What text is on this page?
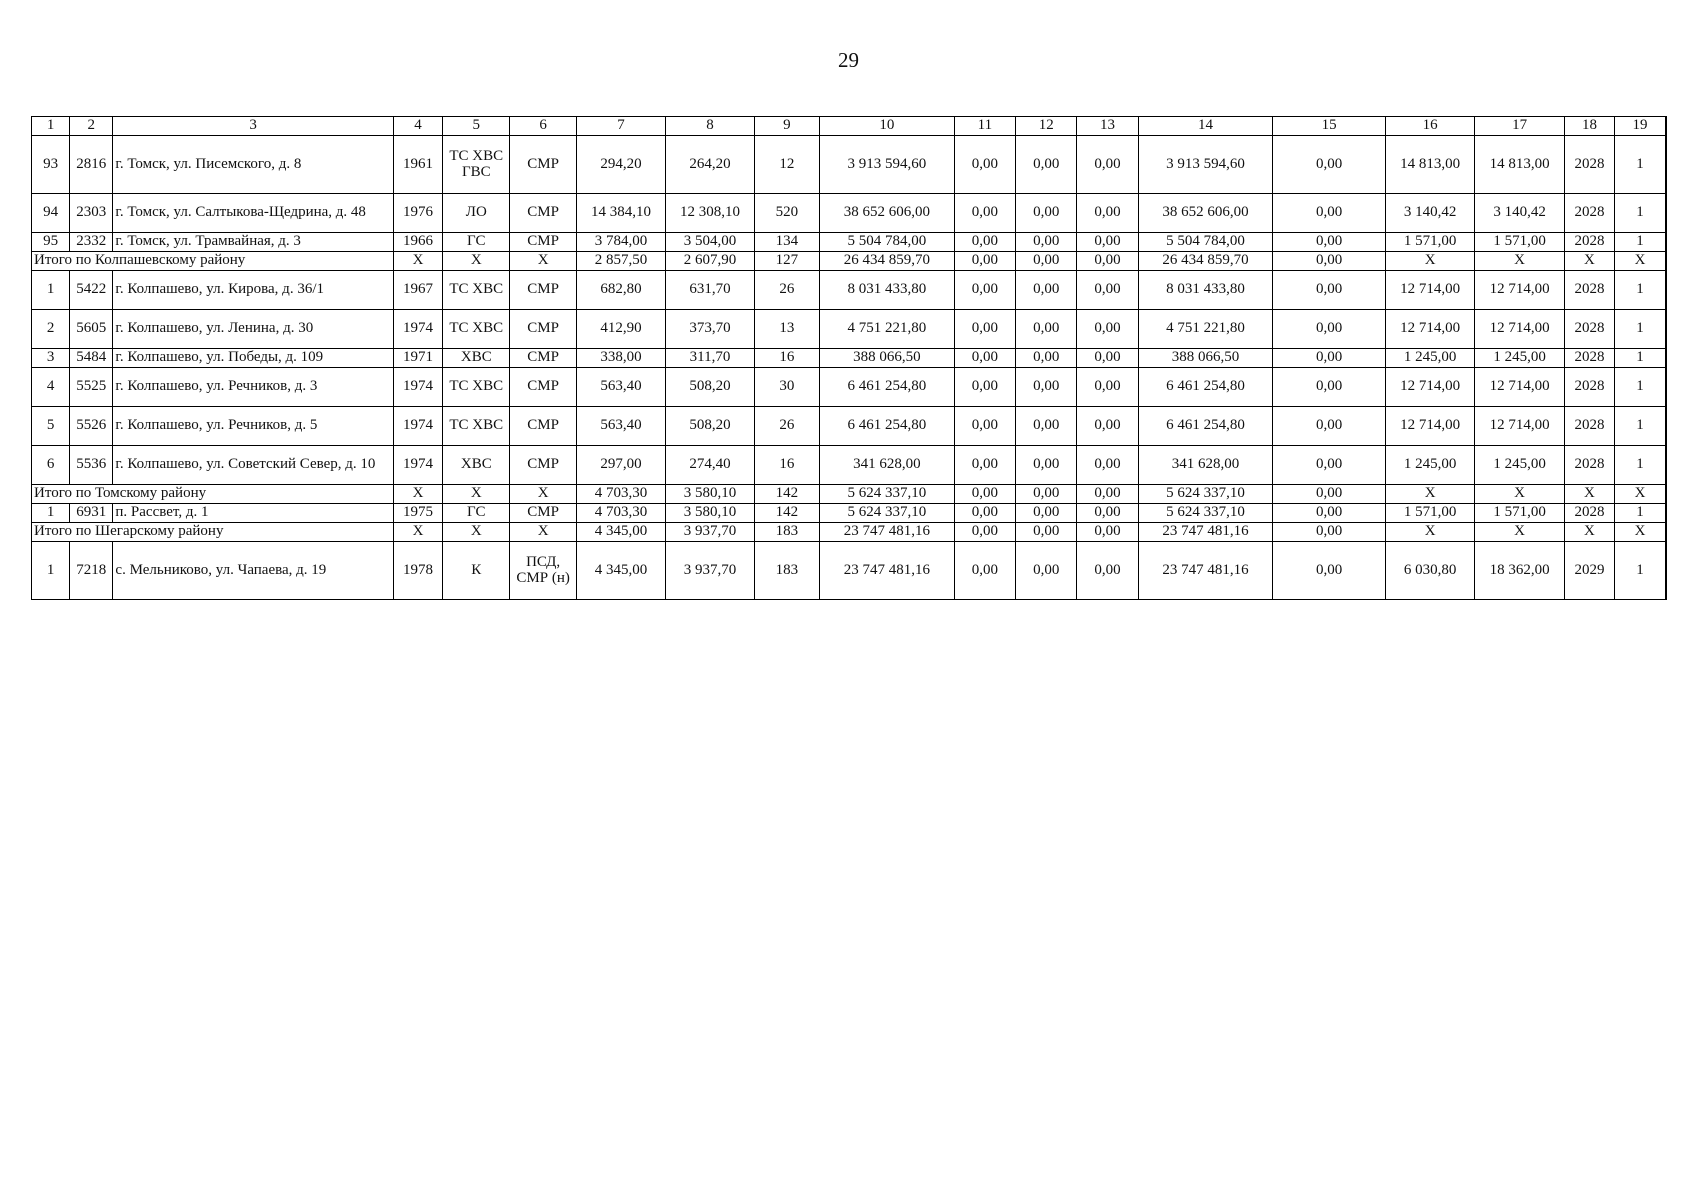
29
1	2	3	4	5	6	7	8	9	10	11	12	13	14	15	16	17	18	19
93	2816	г. Томск, ул. Писемского, д. 8	1961	ТС ХВС ГВС	СМР	294,20	264,20	12	3 913 594,60	0,00	0,00	0,00	3 913 594,60	0,00	14 813,00	14 813,00	2028	1
94	2303	г. Томск, ул. Салтыкова-Щедрина, д. 48	1976	ЛО	СМР	14 384,10	12 308,10	520	38 652 606,00	0,00	0,00	0,00	38 652 606,00	0,00	3 140,42	3 140,42	2028	1
95	2332	г. Томск, ул. Трамвайная, д. 3	1966	ГС	СМР	3 784,00	3 504,00	134	5 504 784,00	0,00	0,00	0,00	5 504 784,00	0,00	1 571,00	1 571,00	2028	1
Итого по Колпашевскому району			Х	Х	Х	2 857,50	2 607,90	127	26 434 859,70	0,00	0,00	0,00	26 434 859,70	0,00	Х	Х	Х	Х
1	5422	г. Колпашево, ул. Кирова, д. 36/1	1967	ТС ХВС	СМР	682,80	631,70	26	8 031 433,80	0,00	0,00	0,00	8 031 433,80	0,00	12 714,00	12 714,00	2028	1
2	5605	г. Колпашево, ул. Ленина, д. 30	1974	ТС ХВС	СМР	412,90	373,70	13	4 751 221,80	0,00	0,00	0,00	4 751 221,80	0,00	12 714,00	12 714,00	2028	1
3	5484	г. Колпашево, ул. Победы, д. 109	1971	ХВС	СМР	338,00	311,70	16	388 066,50	0,00	0,00	0,00	388 066,50	0,00	1 245,00	1 245,00	2028	1
4	5525	г. Колпашево, ул. Речников, д. 3	1974	ТС ХВС	СМР	563,40	508,20	30	6 461 254,80	0,00	0,00	0,00	6 461 254,80	0,00	12 714,00	12 714,00	2028	1
5	5526	г. Колпашево, ул. Речников, д. 5	1974	ТС ХВС	СМР	563,40	508,20	26	6 461 254,80	0,00	0,00	0,00	6 461 254,80	0,00	12 714,00	12 714,00	2028	1
6	5536	г. Колпашево, ул. Советский Север, д. 10	1974	ХВС	СМР	297,00	274,40	16	341 628,00	0,00	0,00	0,00	341 628,00	0,00	1 245,00	1 245,00	2028	1
Итого по Томскому району			Х	Х	Х	4 703,30	3 580,10	142	5 624 337,10	0,00	0,00	0,00	5 624 337,10	0,00	Х	Х	Х	Х
1	6931	п. Рассвет, д. 1	1975	ГС	СМР	4 703,30	3 580,10	142	5 624 337,10	0,00	0,00	0,00	5 624 337,10	0,00	1 571,00	1 571,00	2028	1
Итого по Шегарскому району			Х	Х	Х	4 345,00	3 937,70	183	23 747 481,16	0,00	0,00	0,00	23 747 481,16	0,00	Х	Х	Х	Х
1	7218	с. Мельниково, ул. Чапаева, д. 19	1978	К	ПСД, СМР (н)	4 345,00	3 937,70	183	23 747 481,16	0,00	0,00	0,00	23 747 481,16	0,00	6 030,80	18 362,00	2029	1
